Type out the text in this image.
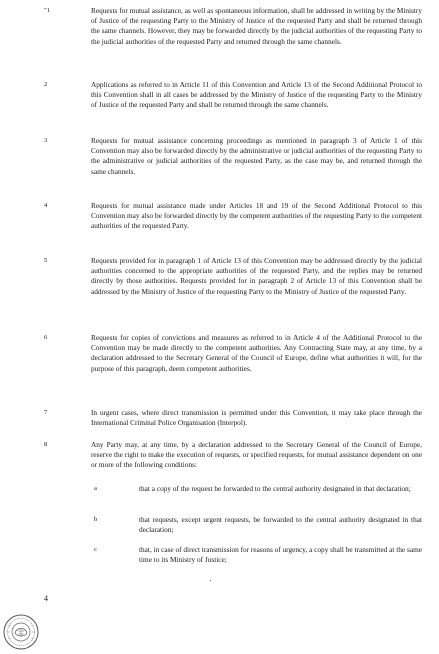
"1	Requests for mutual assistance, as well as spontaneous information, shall be addressed in writing by the Ministry of Justice of the requesting Party to the Ministry of Justice of the requested Party and shall be returned through the same channels. However, they may be forwarded directly by the judicial authorities of the requesting Party to the judicial authorities of the requested Party and returned through the same channels.
2	Applications as referred to in Article 11 of this Convention and Article 13 of the Second Additional Protocol to this Convention shall in all cases be addressed by the Ministry of Justice of the requesting Party to the Ministry of Justice of the requested Party and shall be returned through the same channels.
3	Requests for mutual assistance concerning proceedings as mentioned in paragraph 3 of Article 1 of this Convention may also be forwarded directly by the administrative or judicial authorities of the requesting Party to the administrative or judicial authorities of the requested Party, as the case may be, and returned through the same channels.
4	Requests for mutual assistance made under Articles 18 and 19 of the Second Additional Protocol to this Convention may also be forwarded directly by the competent authorities of the requesting Party to the competent authorities of the requested Party.
5	Requests provided for in paragraph 1 of Article 13 of this Convention may be addressed directly by the judicial authorities concerned to the appropriate authorities of the requested Party, and the replies may be returned directly by those authorities. Requests provided for in paragraph 2 of Article 13 of this Convention shall be addressed by the Ministry of Justice of the requesting Party to the Ministry of Justice of the requested Party.
6	Requests for copies of convictions and measures as referred to in Article 4 of the Additional Protocol to the Convention may be made directly to the competent authorities. Any Contracting State may, at any time, by a declaration addressed to the Secretary General of the Council of Europe, define what authorities it will, for the purpose of this paragraph, deem competent authorities.
7	In urgent cases, where direct transmission is permitted under this Convention, it may take place through the International Criminal Police Organisation (Interpol).
8	Any Party may, at any time, by a declaration addressed to the Secretary General of the Council of Europe, reserve the right to make the execution of requests, or specified requests, for mutual assistance dependent on one or more of the following conditions:
a	that a copy of the request be forwarded to the central authority designated in that declaration;
b	that requests, except urgent requests, be forwarded to the central authority designated in that declaration;
c	that, in case of direct transmission for reasons of urgency, a copy shall be transmitted at the same time to its Ministry of Justice;
4
